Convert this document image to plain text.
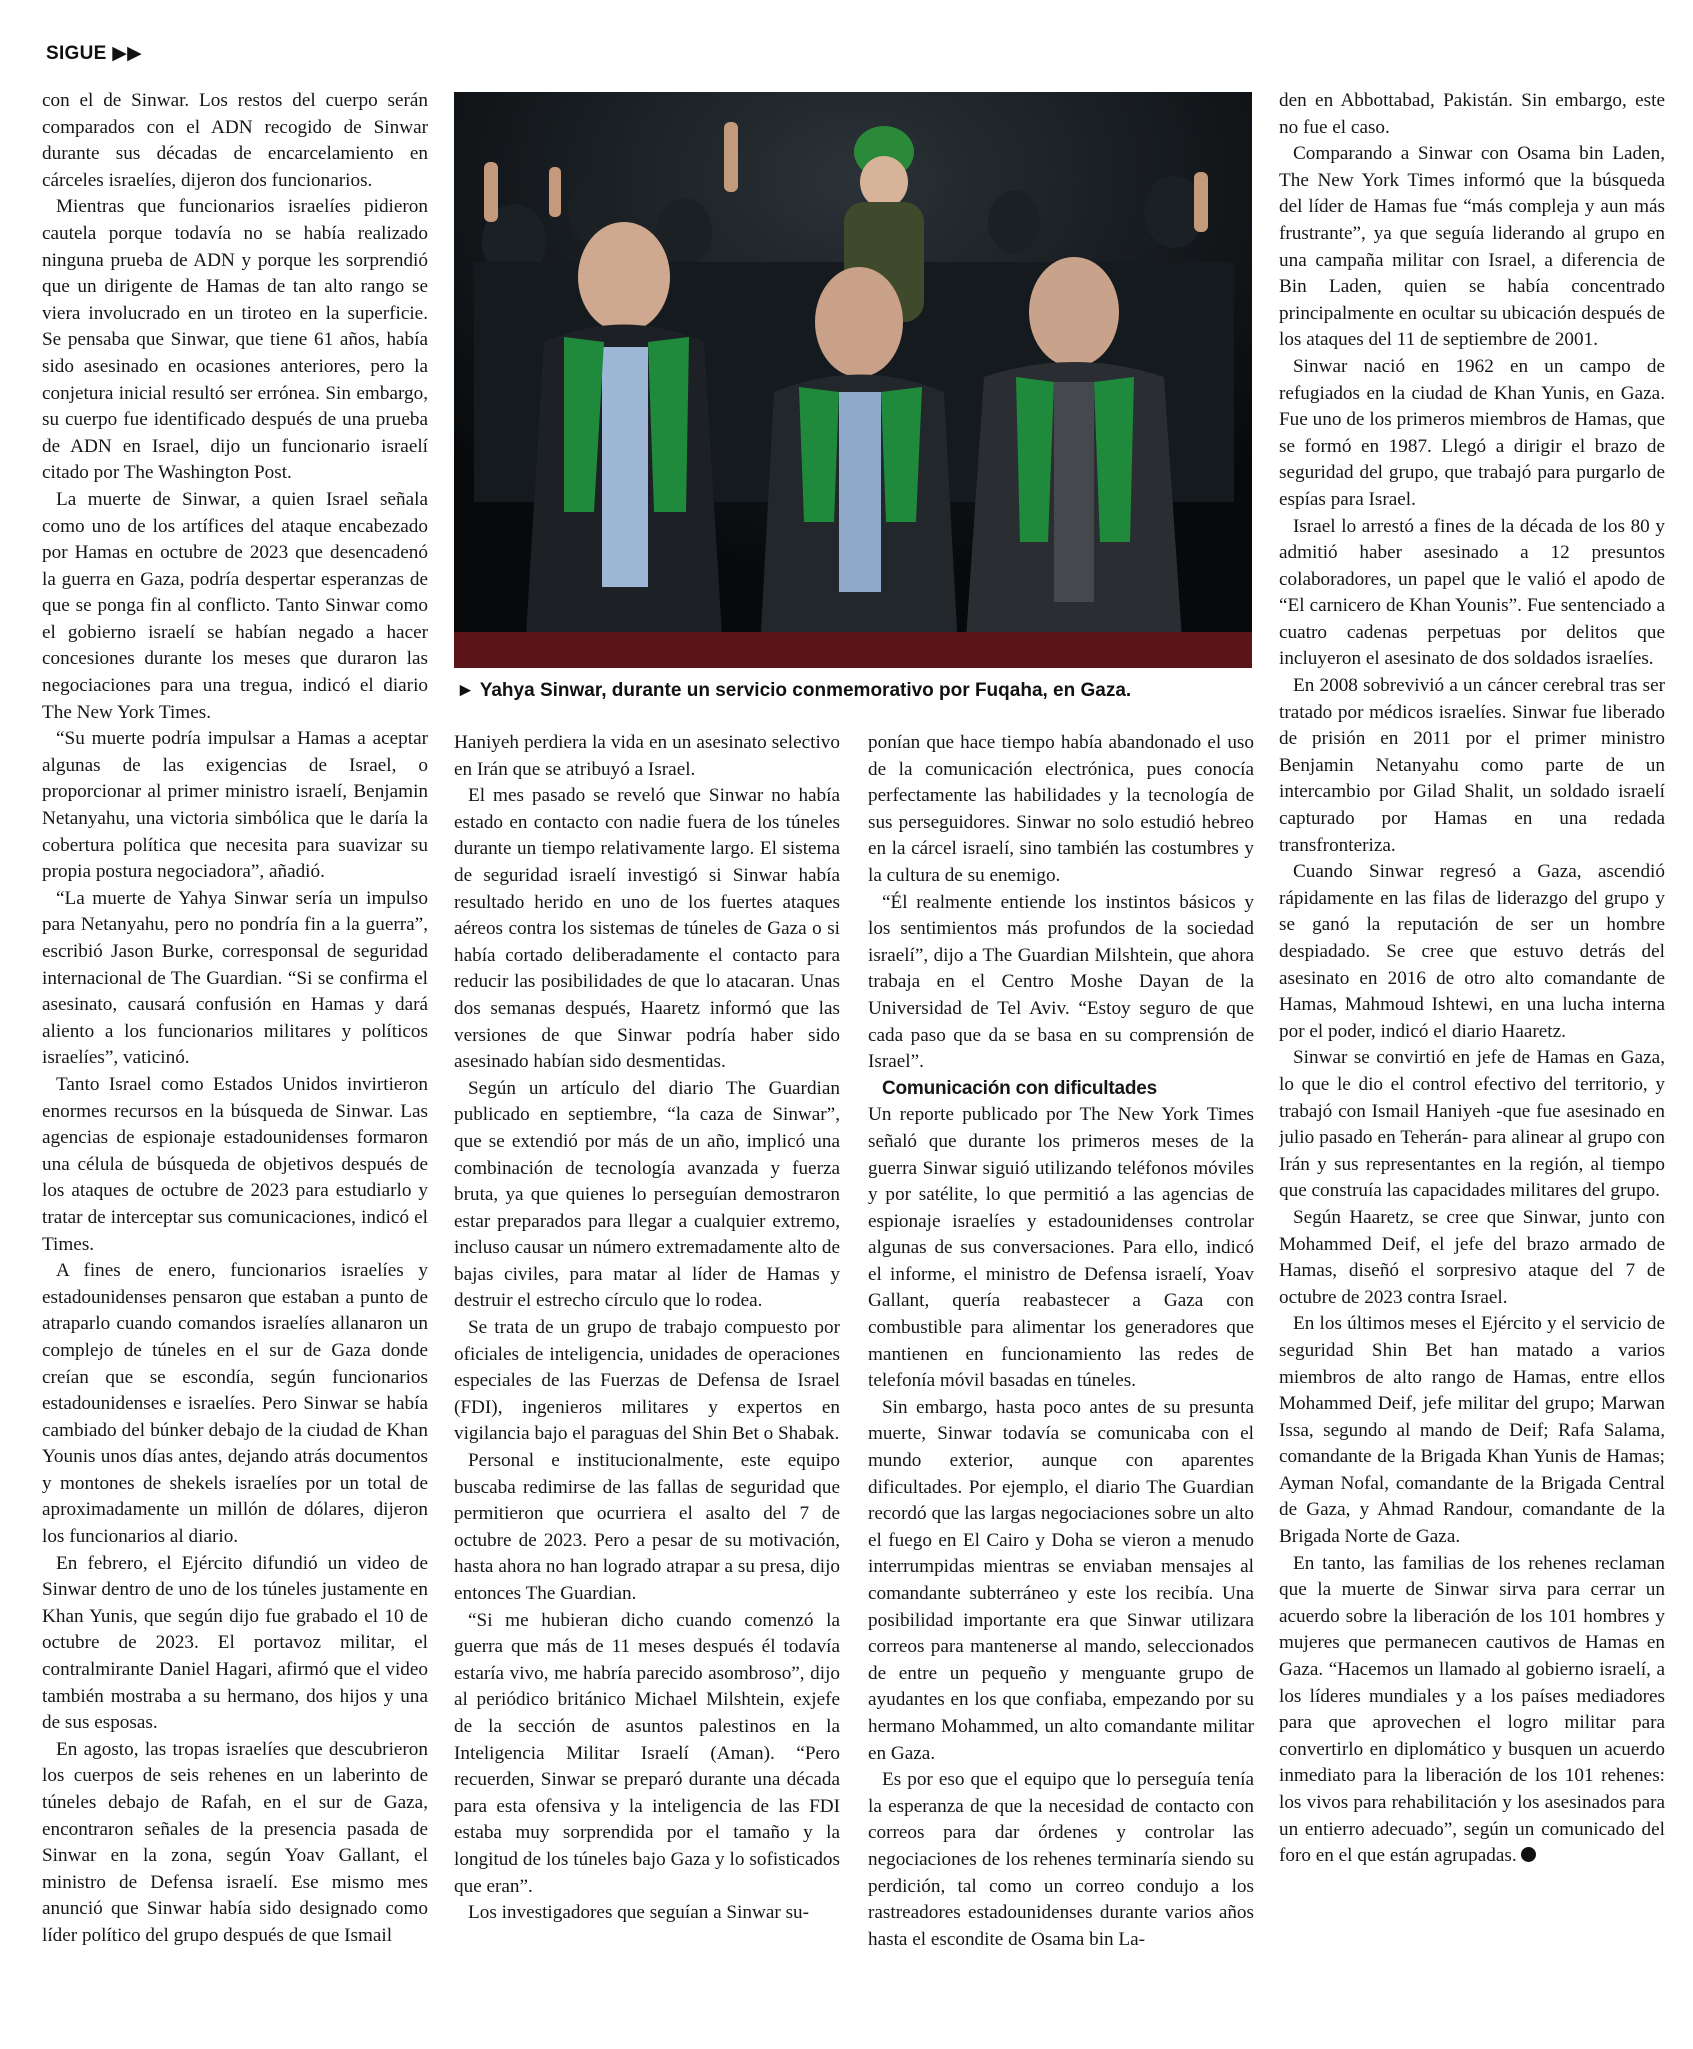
SIGUE ▶▶

con el de Sinwar. Los restos del cuerpo serán comparados con el ADN recogido de Sinwar durante sus décadas de encarcelamiento en cárceles israelíes, dijeron dos funcionarios.

Mientras que funcionarios israelíes pidieron cautela porque todavía no se había realizado ninguna prueba de ADN y porque les sorprendió que un dirigente de Hamas de tan alto rango se viera involucrado en un tiroteo en la superficie. Se pensaba que Sinwar, que tiene 61 años, había sido asesinado en ocasiones anteriores, pero la conjetura inicial resultó ser errónea. Sin embargo, su cuerpo fue identificado después de una prueba de ADN en Israel, dijo un funcionario israelí citado por The Washington Post.

La muerte de Sinwar, a quien Israel señala como uno de los artífices del ataque encabezado por Hamas en octubre de 2023 que desencadenó la guerra en Gaza, podría despertar esperanzas de que se ponga fin al conflicto. Tanto Sinwar como el gobierno israelí se habían negado a hacer concesiones durante los meses que duraron las negociaciones para una tregua, indicó el diario The New York Times.

“Su muerte podría impulsar a Hamas a aceptar algunas de las exigencias de Israel, o proporcionar al primer ministro israelí, Benjamin Netanyahu, una victoria simbólica que le daría la cobertura política que necesita para suavizar su propia postura negociadora”, añadió.

“La muerte de Yahya Sinwar sería un impulso para Netanyahu, pero no pondría fin a la guerra”, escribió Jason Burke, corresponsal de seguridad internacional de The Guardian. “Si se confirma el asesinato, causará confusión en Hamas y dará aliento a los funcionarios militares y políticos israelíes”, vaticinó.

Tanto Israel como Estados Unidos invirtieron enormes recursos en la búsqueda de Sinwar. Las agencias de espionaje estadounidenses formaron una célula de búsqueda de objetivos después de los ataques de octubre de 2023 para estudiarlo y tratar de interceptar sus comunicaciones, indicó el Times.

A fines de enero, funcionarios israelíes y estadounidenses pensaron que estaban a punto de atraparlo cuando comandos israelíes allanaron un complejo de túneles en el sur de Gaza donde creían que se escondía, según funcionarios estadounidenses e israelíes. Pero Sinwar se había cambiado del búnker debajo de la ciudad de Khan Younis unos días antes, dejando atrás documentos y montones de shekels israelíes por un total de aproximadamente un millón de dólares, dijeron los funcionarios al diario.

En febrero, el Ejército difundió un video de Sinwar dentro de uno de los túneles justamente en Khan Yunis, que según dijo fue grabado el 10 de octubre de 2023. El portavoz militar, el contralmirante Daniel Hagari, afirmó que el video también mostraba a su hermano, dos hijos y una de sus esposas.

En agosto, las tropas israelíes que descubrieron los cuerpos de seis rehenes en un laberinto de túneles debajo de Rafah, en el sur de Gaza, encontraron señales de la presencia pasada de Sinwar en la zona, según Yoav Gallant, el ministro de Defensa israelí. Ese mismo mes anunció que Sinwar había sido designado como líder político del grupo después de que Ismail

► Yahya Sinwar, durante un servicio conmemorativo por Fuqaha, en Gaza.

Haniyeh perdiera la vida en un asesinato selectivo en Irán que se atribuyó a Israel.

El mes pasado se reveló que Sinwar no había estado en contacto con nadie fuera de los túneles durante un tiempo relativamente largo. El sistema de seguridad israelí investigó si Sinwar había resultado herido en uno de los fuertes ataques aéreos contra los sistemas de túneles de Gaza o si había cortado deliberadamente el contacto para reducir las posibilidades de que lo atacaran. Unas dos semanas después, Haaretz informó que las versiones de que Sinwar podría haber sido asesinado habían sido desmentidas.

Según un artículo del diario The Guardian publicado en septiembre, “la caza de Sinwar”, que se extendió por más de un año, implicó una combinación de tecnología avanzada y fuerza bruta, ya que quienes lo perseguían demostraron estar preparados para llegar a cualquier extremo, incluso causar un número extremadamente alto de bajas civiles, para matar al líder de Hamas y destruir el estrecho círculo que lo rodea.

Se trata de un grupo de trabajo compuesto por oficiales de inteligencia, unidades de operaciones especiales de las Fuerzas de Defensa de Israel (FDI), ingenieros militares y expertos en vigilancia bajo el paraguas del Shin Bet o Shabak.

Personal e institucionalmente, este equipo buscaba redimirse de las fallas de seguridad que permitieron que ocurriera el asalto del 7 de octubre de 2023. Pero a pesar de su motivación, hasta ahora no han logrado atrapar a su presa, dijo entonces The Guardian.

“Si me hubieran dicho cuando comenzó la guerra que más de 11 meses después él todavía estaría vivo, me habría parecido asombroso”, dijo al periódico británico Michael Milshtein, exjefe de la sección de asuntos palestinos en la Inteligencia Militar Israelí (Aman). “Pero recuerden, Sinwar se preparó durante una década para esta ofensiva y la inteligencia de las FDI estaba muy sorprendida por el tamaño y la longitud de los túneles bajo Gaza y lo sofisticados que eran”.

Los investigadores que seguían a Sinwar su-

ponían que hace tiempo había abandonado el uso de la comunicación electrónica, pues conocía perfectamente las habilidades y la tecnología de sus perseguidores. Sinwar no solo estudió hebreo en la cárcel israelí, sino también las costumbres y la cultura de su enemigo.

“Él realmente entiende los instintos básicos y los sentimientos más profundos de la sociedad israelí”, dijo a The Guardian Milshtein, que ahora trabaja en el Centro Moshe Dayan de la Universidad de Tel Aviv. “Estoy seguro de que cada paso que da se basa en su comprensión de Israel”.

Comunicación con dificultades

Un reporte publicado por The New York Times señaló que durante los primeros meses de la guerra Sinwar siguió utilizando teléfonos móviles y por satélite, lo que permitió a las agencias de espionaje israelíes y estadounidenses controlar algunas de sus conversaciones. Para ello, indicó el informe, el ministro de Defensa israelí, Yoav Gallant, quería reabastecer a Gaza con combustible para alimentar los generadores que mantienen en funcionamiento las redes de telefonía móvil basadas en túneles.

Sin embargo, hasta poco antes de su presunta muerte, Sinwar todavía se comunicaba con el mundo exterior, aunque con aparentes dificultades. Por ejemplo, el diario The Guardian recordó que las largas negociaciones sobre un alto el fuego en El Cairo y Doha se vieron a menudo interrumpidas mientras se enviaban mensajes al comandante subterráneo y este los recibía. Una posibilidad importante era que Sinwar utilizara correos para mantenerse al mando, seleccionados de entre un pequeño y menguante grupo de ayudantes en los que confiaba, empezando por su hermano Mohammed, un alto comandante militar en Gaza.

Es por eso que el equipo que lo perseguía tenía la esperanza de que la necesidad de contacto con correos para dar órdenes y controlar las negociaciones de los rehenes terminaría siendo su perdición, tal como un correo condujo a los rastreadores estadounidenses durante varios años hasta el escondite de Osama bin La-

den en Abbottabad, Pakistán. Sin embargo, este no fue el caso.

Comparando a Sinwar con Osama bin Laden, The New York Times informó que la búsqueda del líder de Hamas fue “más compleja y aun más frustrante”, ya que seguía liderando al grupo en una campaña militar con Israel, a diferencia de Bin Laden, quien se había concentrado principalmente en ocultar su ubicación después de los ataques del 11 de septiembre de 2001.

Sinwar nació en 1962 en un campo de refugiados en la ciudad de Khan Yunis, en Gaza. Fue uno de los primeros miembros de Hamas, que se formó en 1987. Llegó a dirigir el brazo de seguridad del grupo, que trabajó para purgarlo de espías para Israel.

Israel lo arrestó a fines de la década de los 80 y admitió haber asesinado a 12 presuntos colaboradores, un papel que le valió el apodo de “El carnicero de Khan Younis”. Fue sentenciado a cuatro cadenas perpetuas por delitos que incluyeron el asesinato de dos soldados israelíes.

En 2008 sobrevivió a un cáncer cerebral tras ser tratado por médicos israelíes. Sinwar fue liberado de prisión en 2011 por el primer ministro Benjamin Netanyahu como parte de un intercambio por Gilad Shalit, un soldado israelí capturado por Hamas en una redada transfronteriza.

Cuando Sinwar regresó a Gaza, ascendió rápidamente en las filas de liderazgo del grupo y se ganó la reputación de ser un hombre despiadado. Se cree que estuvo detrás del asesinato en 2016 de otro alto comandante de Hamas, Mahmoud Ishtewi, en una lucha interna por el poder, indicó el diario Haaretz.

Sinwar se convirtió en jefe de Hamas en Gaza, lo que le dio el control efectivo del territorio, y trabajó con Ismail Haniyeh -que fue asesinado en julio pasado en Teherán- para alinear al grupo con Irán y sus representantes en la región, al tiempo que construía las capacidades militares del grupo.

Según Haaretz, se cree que Sinwar, junto con Mohammed Deif, el jefe del brazo armado de Hamas, diseñó el sorpresivo ataque del 7 de octubre de 2023 contra Israel.

En los últimos meses el Ejército y el servicio de seguridad Shin Bet han matado a varios miembros de alto rango de Hamas, entre ellos Mohammed Deif, jefe militar del grupo; Marwan Issa, segundo al mando de Deif; Rafa Salama, comandante de la Brigada Khan Yunis de Hamas; Ayman Nofal, comandante de la Brigada Central de Gaza, y Ahmad Randour, comandante de la Brigada Norte de Gaza.

En tanto, las familias de los rehenes reclaman que la muerte de Sinwar sirva para cerrar un acuerdo sobre la liberación de los 101 hombres y mujeres que permanecen cautivos de Hamas en Gaza. “Hacemos un llamado al gobierno israelí, a los líderes mundiales y a los países mediadores para que aprovechen el logro militar para convertirlo en diplomático y busquen un acuerdo inmediato para la liberación de los 101 rehenes: los vivos para rehabilitación y los asesinados para un entierro adecuado”, según un comunicado del foro en el que están agrupadas.
